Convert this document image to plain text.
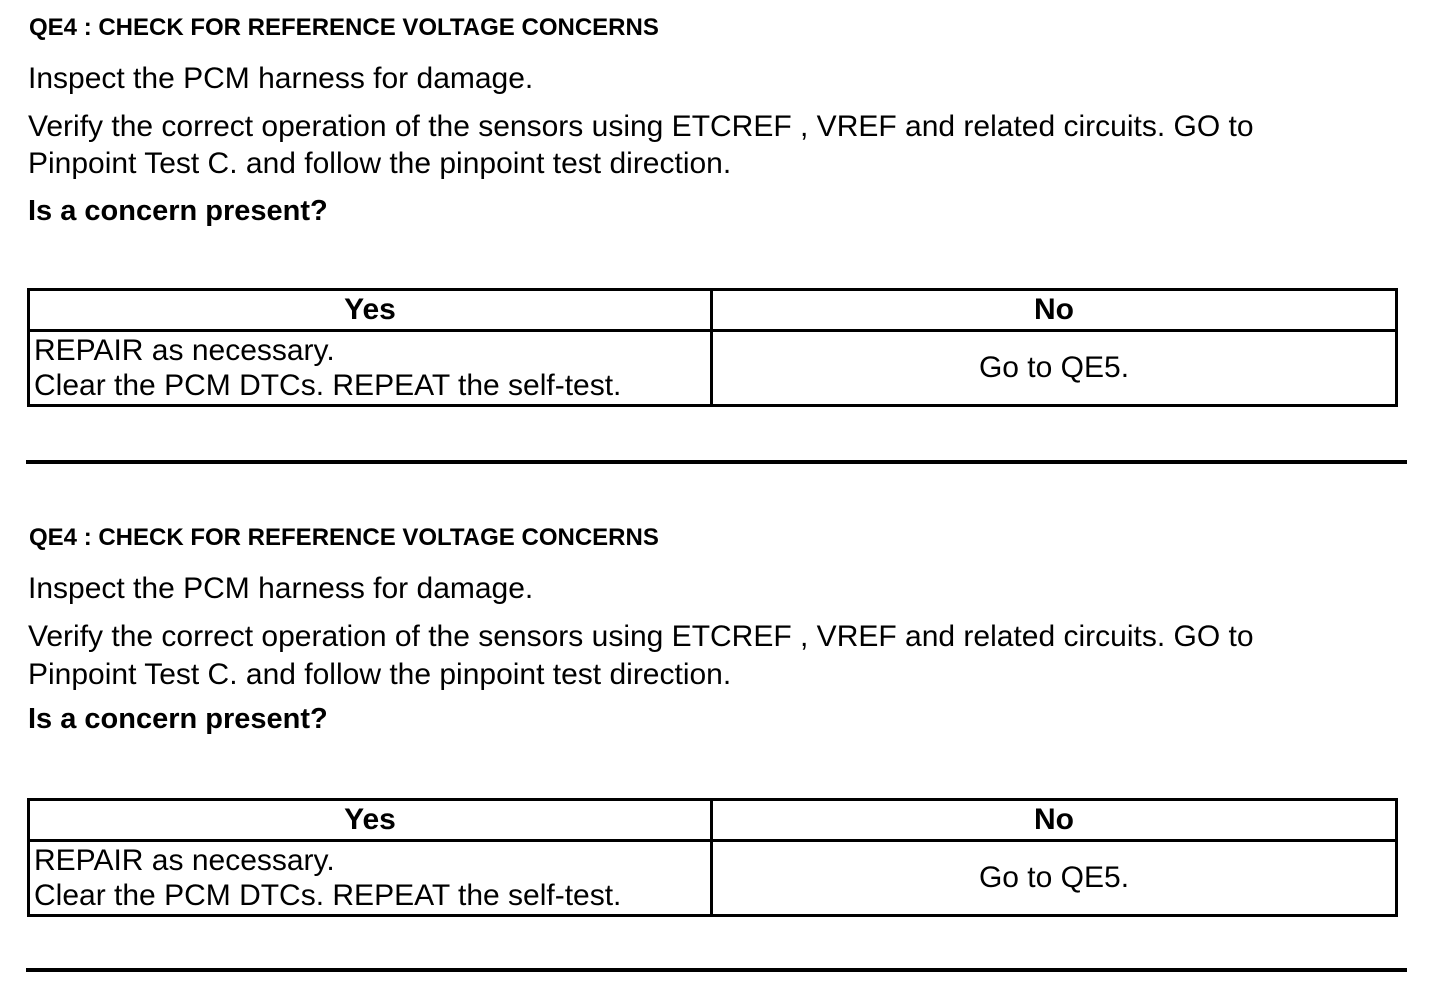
QE4 : CHECK FOR REFERENCE VOLTAGE CONCERNS
Inspect the PCM harness for damage.
Verify the correct operation of the sensors using ETCREF , VREF and related circuits. GO to
Pinpoint Test C. and follow the pinpoint test direction.
Is a concern present?
Yes	No

REPAIR as necessary.
Clear the PCM DTCs. REPEAT the self-test.	Go to QE5.
QE4 : CHECK FOR REFERENCE VOLTAGE CONCERNS
Inspect the PCM harness for damage.
Verify the correct operation of the sensors using ETCREF , VREF and related circuits. GO to
Pinpoint Test C. and follow the pinpoint test direction.
Is a concern present?
Yes	No

REPAIR as necessary.
Clear the PCM DTCs. REPEAT the self-test.	Go to QE5.
